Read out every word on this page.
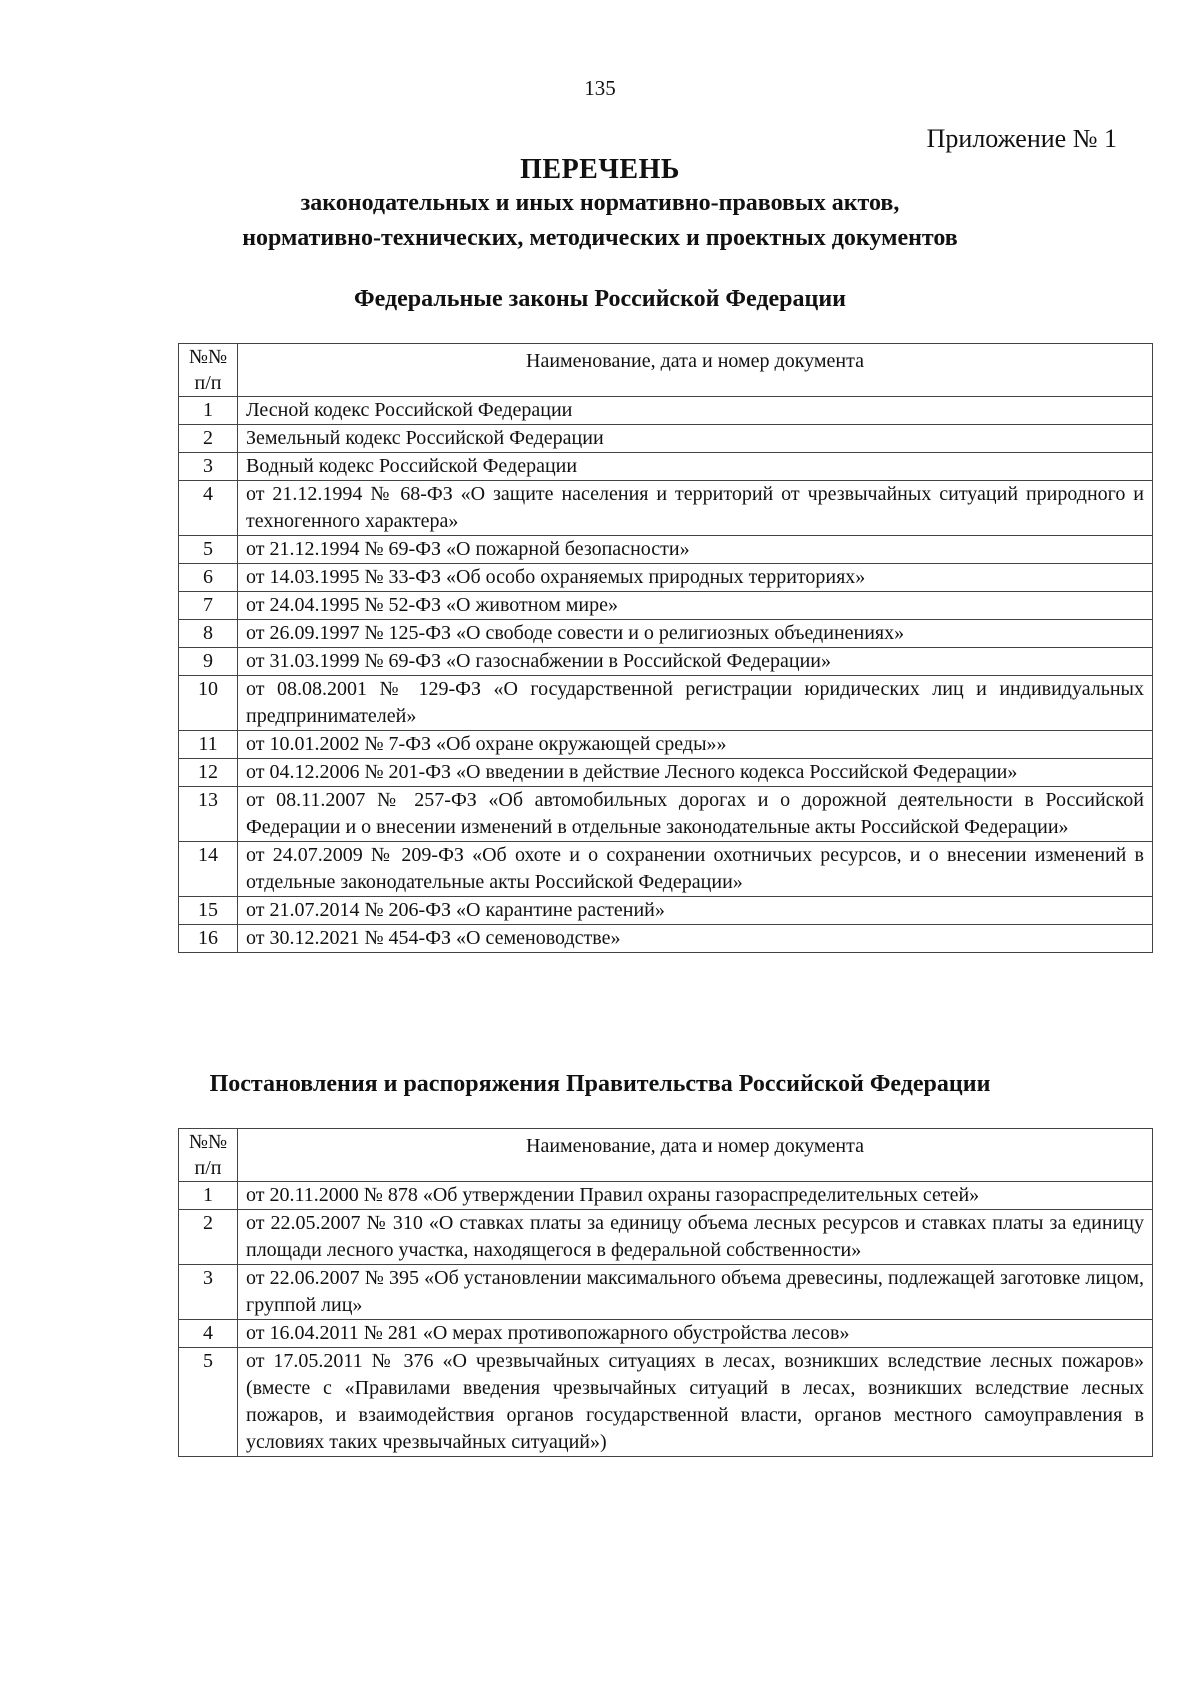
135
Приложение № 1
ПЕРЕЧЕНЬ
законодательных и иных нормативно-правовых актов,
нормативно-технических, методических и проектных документов
Федеральные законы Российской Федерации
№№ п/п	Наименование, дата и номер документа
1	Лесной кодекс Российской Федерации
2	Земельный кодекс Российской Федерации
3	Водный кодекс Российской Федерации
4	от 21.12.1994 № 68-ФЗ «О защите населения и территорий от чрезвычайных ситуаций природного и техногенного характера»
5	от 21.12.1994 № 69-ФЗ «О пожарной безопасности»
6	от 14.03.1995 № 33-ФЗ «Об особо охраняемых природных территориях»
7	от 24.04.1995 № 52-ФЗ «О животном мире»
8	от 26.09.1997 № 125-ФЗ «О свободе совести и о религиозных объединениях»
9	от 31.03.1999 № 69-ФЗ «О газоснабжении в Российской Федерации»
10	от 08.08.2001 № 129-ФЗ «О государственной регистрации юридических лиц и индивидуальных предпринимателей»
11	от 10.01.2002 № 7-ФЗ «Об охране окружающей среды»»
12	от 04.12.2006 № 201-ФЗ «О введении в действие Лесного кодекса Российской Федерации»
13	от 08.11.2007 № 257-ФЗ «Об автомобильных дорогах и о дорожной деятельности в Российской Федерации и о внесении изменений в отдельные законодательные акты Российской Федерации»
14	от 24.07.2009 № 209-ФЗ «Об охоте и о сохранении охотничьих ресурсов, и о внесении изменений в отдельные законодательные акты Российской Федерации»
15	от 21.07.2014 № 206-ФЗ «О карантине растений»
16	от 30.12.2021 № 454-ФЗ «О семеноводстве»
Постановления и распоряжения Правительства Российской Федерации
№№ п/п	Наименование, дата и номер документа
1	от 20.11.2000 № 878 «Об утверждении Правил охраны газораспределительных сетей»
2	от 22.05.2007 № 310 «О ставках платы за единицу объема лесных ресурсов и ставках платы за единицу площади лесного участка, находящегося в федеральной собственности»
3	от 22.06.2007 № 395 «Об установлении максимального объема древесины, подлежащей заготовке лицом, группой лиц»
4	от 16.04.2011 № 281 «О мерах противопожарного обустройства лесов»
5	от 17.05.2011 № 376 «О чрезвычайных ситуациях в лесах, возникших вследствие лесных пожаров» (вместе с «Правилами введения чрезвычайных ситуаций в лесах, возникших вследствие лесных пожаров, и взаимодействия органов государственной власти, органов местного самоуправления в условиях таких чрезвычайных ситуаций»)
